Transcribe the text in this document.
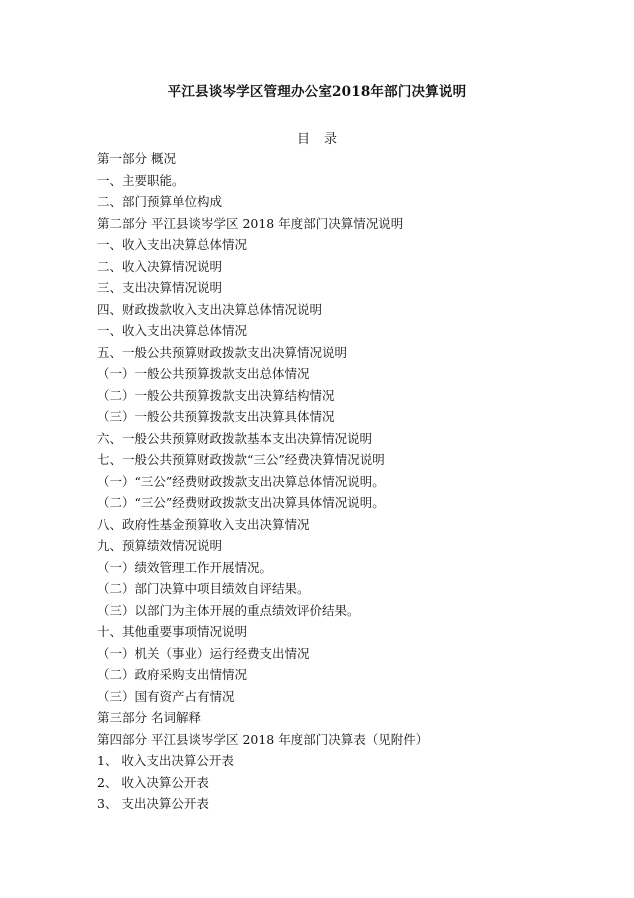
平江县谈岑学区管理办公室2018年部门决算说明
目 录
第一部分 概况
一、主要职能。
二、部门预算单位构成
第二部分 平江县谈岑学区 2018 年度部门决算情况说明
一、收入支出决算总体情况
二、收入决算情况说明
三、支出决算情况说明
四、财政拨款收入支出决算总体情况说明
一、收入支出决算总体情况
五、一般公共预算财政拨款支出决算情况说明
（一）一般公共预算拨款支出总体情况
（二）一般公共预算拨款支出决算结构情况
（三）一般公共预算拨款支出决算具体情况
六、一般公共预算财政拨款基本支出决算情况说明
七、一般公共预算财政拨款“三公”经费决算情况说明
（一）“三公”经费财政拨款支出决算总体情况说明。
（二）“三公”经费财政拨款支出决算具体情况说明。
八、政府性基金预算收入支出决算情况
九、预算绩效情况说明
（一）绩效管理工作开展情况。
（二）部门决算中项目绩效自评结果。
（三）以部门为主体开展的重点绩效评价结果。
十、其他重要事项情况说明
（一）机关（事业）运行经费支出情况
（二）政府采购支出情情况
（三）国有资产占有情况
第三部分 名词解释
第四部分 平江县谈岑学区 2018 年度部门决算表（见附件）
1、 收入支出决算公开表
2、 收入决算公开表
3、 支出决算公开表
